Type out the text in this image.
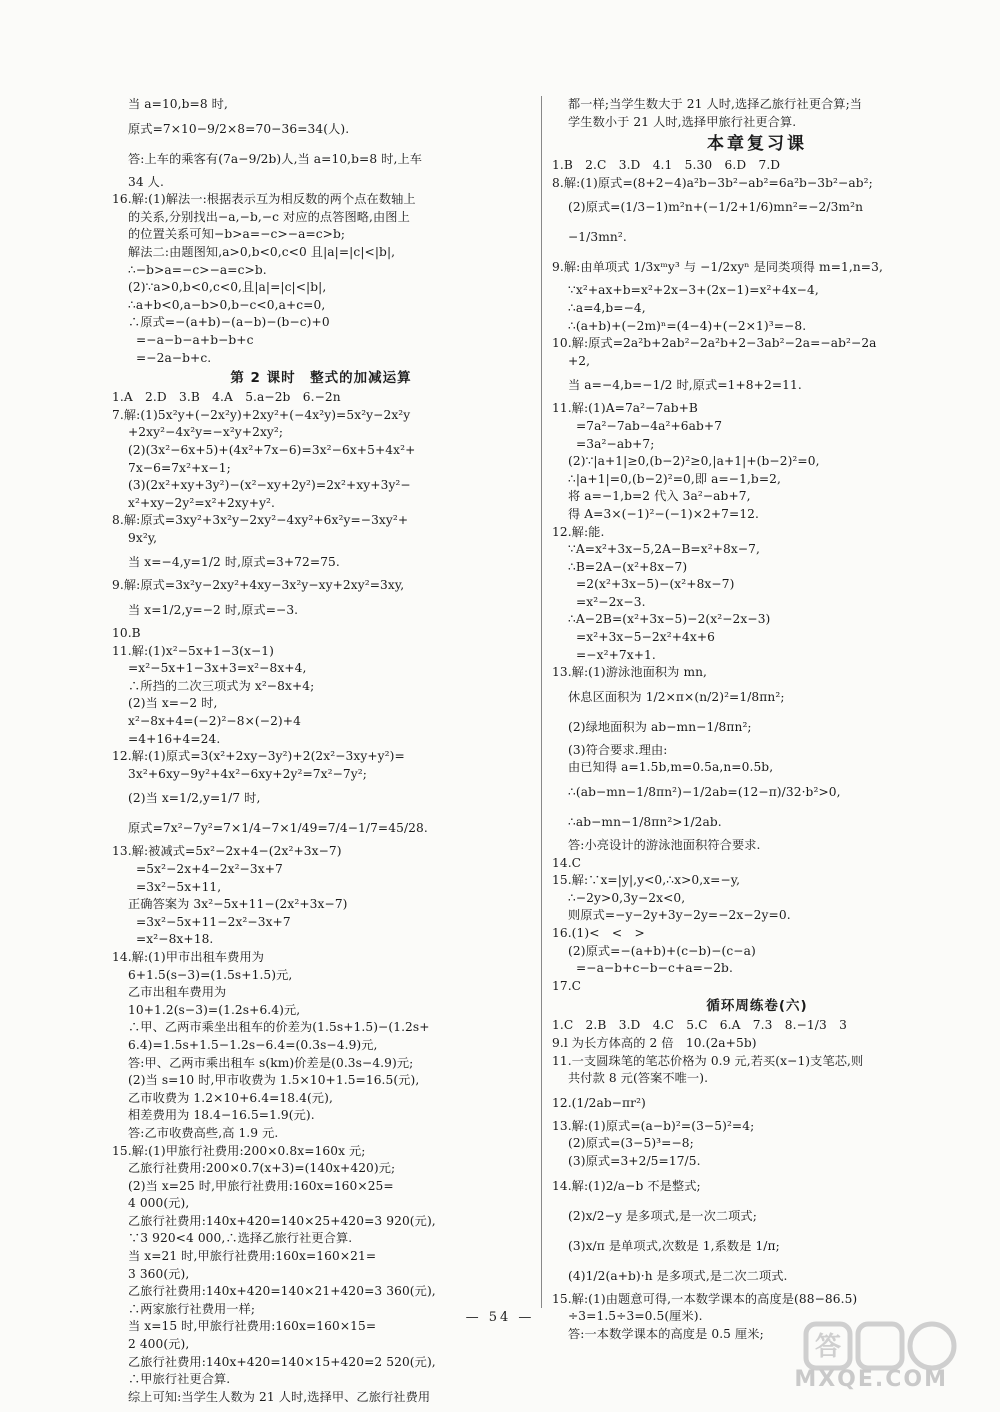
当 a=10,b=8 时,
原式=7×10−9/2×8=70−36=34(人).
答:上车的乘客有(7a−9/2b)人,当 a=10,b=8 时,上车
34 人.
16.解:(1)解法一:根据表示互为相反数的两个点在数轴上
的关系,分别找出−a,−b,−c 对应的点答图略,由图上
的位置关系可知−b>a=−c>−a=c>b;
解法二:由题图知,a>0,b<0,c<0 且|a|=|c|<|b|,
∴−b>a=−c>−a=c>b.
(2)∵a>0,b<0,c<0,且|a|=|c|<|b|,
∴a+b<0,a−b>0,b−c<0,a+c=0,
∴原式=−(a+b)−(a−b)−(b−c)+0
=−a−b−a+b−b+c
=−2a−b+c.
第 2 课时　整式的加减运算
1.A　2.D　3.B　4.A　5.a−2b　6.−2n
7.解:(1)5x²y+(−2x²y)+2xy²+(−4x²y)=5x²y−2x²y
+2xy²−4x²y=−x²y+2xy²;
(2)(3x²−6x+5)+(4x²+7x−6)=3x²−6x+5+4x²+
7x−6=7x²+x−1;
(3)(2x²+xy+3y²)−(x²−xy+2y²)=2x²+xy+3y²−
x²+xy−2y²=x²+2xy+y².
8.解:原式=3xy²+3x²y−2xy²−4xy²+6x²y=−3xy²+
9x²y,
当 x=−4,y=1/2 时,原式=3+72=75.
9.解:原式=3x²y−2xy²+4xy−3x²y−xy+2xy²=3xy,
当 x=1/2,y=−2 时,原式=−3.
10.B
11.解:(1)x²−5x+1−3(x−1)
=x²−5x+1−3x+3=x²−8x+4,
∴所挡的二次三项式为 x²−8x+4;
(2)当 x=−2 时,
x²−8x+4=(−2)²−8×(−2)+4
=4+16+4=24.
12.解:(1)原式=3(x²+2xy−3y²)+2(2x²−3xy+y²)=
3x²+6xy−9y²+4x²−6xy+2y²=7x²−7y²;
(2)当 x=1/2,y=1/7 时,
原式=7x²−7y²=7×1/4−7×1/49=7/4−1/7=45/28.
13.解:被减式=5x²−2x+4−(2x²+3x−7)
=5x²−2x+4−2x²−3x+7
=3x²−5x+11,
正确答案为 3x²−5x+11−(2x²+3x−7)
=3x²−5x+11−2x²−3x+7
=x²−8x+18.
14.解:(1)甲市出租车费用为
6+1.5(s−3)=(1.5s+1.5)元,
乙市出租车费用为
10+1.2(s−3)=(1.2s+6.4)元,
∴甲、乙两市乘坐出租车的价差为(1.5s+1.5)−(1.2s+
6.4)=1.5s+1.5−1.2s−6.4=(0.3s−4.9)元,
答:甲、乙两市乘出租车 s(km)价差是(0.3s−4.9)元;
(2)当 s=10 时,甲市收费为 1.5×10+1.5=16.5(元),
乙市收费为 1.2×10+6.4=18.4(元),
相差费用为 18.4−16.5=1.9(元).
答:乙市收费高些,高 1.9 元.
15.解:(1)甲旅行社费用:200×0.8x=160x 元;
乙旅行社费用:200×0.7(x+3)=(140x+420)元;
(2)当 x=25 时,甲旅行社费用:160x=160×25=
4 000(元),
乙旅行社费用:140x+420=140×25+420=3 920(元),
∵3 920<4 000,∴选择乙旅行社更合算.
当 x=21 时,甲旅行社费用:160x=160×21=
3 360(元),
乙旅行社费用:140x+420=140×21+420=3 360(元),
∴两家旅行社费用一样;
当 x=15 时,甲旅行社费用:160x=160×15=
2 400(元),
乙旅行社费用:140x+420=140×15+420=2 520(元),
∴甲旅行社更合算.
综上可知:当学生人数为 21 人时,选择甲、乙旅行社费用
都一样;当学生数大于 21 人时,选择乙旅行社更合算;当
学生数小于 21 人时,选择甲旅行社更合算.
本章复习课
1.B　2.C　3.D　4.1　5.30　6.D　7.D
8.解:(1)原式=(8+2−4)a²b−3b²−ab²=6a²b−3b²−ab²;
(2)原式=(1/3−1)m²n+(−1/2+1/6)mn²=−2/3m²n
−1/3mn².
9.解:由单项式 1/3xᵐy³ 与 −1/2xyⁿ 是同类项得 m=1,n=3,
∵x²+ax+b=x²+2x−3+(2x−1)=x²+4x−4,
∴a=4,b=−4,
∴(a+b)+(−2m)ⁿ=(4−4)+(−2×1)³=−8.
10.解:原式=2a²b+2ab²−2a²b+2−3ab²−2a=−ab²−2a
+2,
当 a=−4,b=−1/2 时,原式=1+8+2=11.
11.解:(1)A=7a²−7ab+B
=7a²−7ab−4a²+6ab+7
=3a²−ab+7;
(2)∵|a+1|≥0,(b−2)²≥0,|a+1|+(b−2)²=0,
∴|a+1|=0,(b−2)²=0,即 a=−1,b=2,
将 a=−1,b=2 代入 3a²−ab+7,
得 A=3×(−1)²−(−1)×2+7=12.
12.解:能.
∵A=x²+3x−5,2A−B=x²+8x−7,
∴B=2A−(x²+8x−7)
=2(x²+3x−5)−(x²+8x−7)
=x²−2x−3.
∴A−2B=(x²+3x−5)−2(x²−2x−3)
=x²+3x−5−2x²+4x+6
=−x²+7x+1.
13.解:(1)游泳池面积为 mn,
休息区面积为 1/2×π×(n/2)²=1/8πn²;
(2)绿地面积为 ab−mn−1/8πn²;
(3)符合要求.理由:
由已知得 a=1.5b,m=0.5a,n=0.5b,
∴(ab−mn−1/8πn²)−1/2ab=(12−π)/32·b²>0,
∴ab−mn−1/8πn²>1/2ab.
答:小亮设计的游泳池面积符合要求.
14.C
15.解:∵x=|y|,y<0,∴x>0,x=−y,
∴−2y>0,3y−2x<0,
则原式=−y−2y+3y−2y=−2x−2y=0.
16.(1)<　<　>
(2)原式=−(a+b)+(c−b)−(c−a)
=−a−b+c−b−c+a=−2b.
17.C
循环周练卷(六)
1.C　2.B　3.D　4.C　5.C　6.A　7.3　8.−1/3　3
9.l 为长方体高的 2 倍　10.(2a+5b)
11.一支圆珠笔的笔芯价格为 0.9 元,若买(x−1)支笔芯,则
共付款 8 元(答案不唯一).
12.(1/2ab−πr²)
13.解:(1)原式=(a−b)²=(3−5)²=4;
(2)原式=(3−5)³=−8;
(3)原式=3+2/5=17/5.
14.解:(1)2/a−b 不是整式;
(2)x/2−y 是多项式,是一次二项式;
(3)x/π 是单项式,次数是 1,系数是 1/π;
(4)1/2(a+b)·h 是多项式,是二次二项式.
15.解:(1)由题意可得,一本数学课本的高度是(88−86.5)
÷3=1.5÷3=0.5(厘米).
答:一本数学课本的高度是 0.5 厘米;
— 54 —
答
MXQE.COM
